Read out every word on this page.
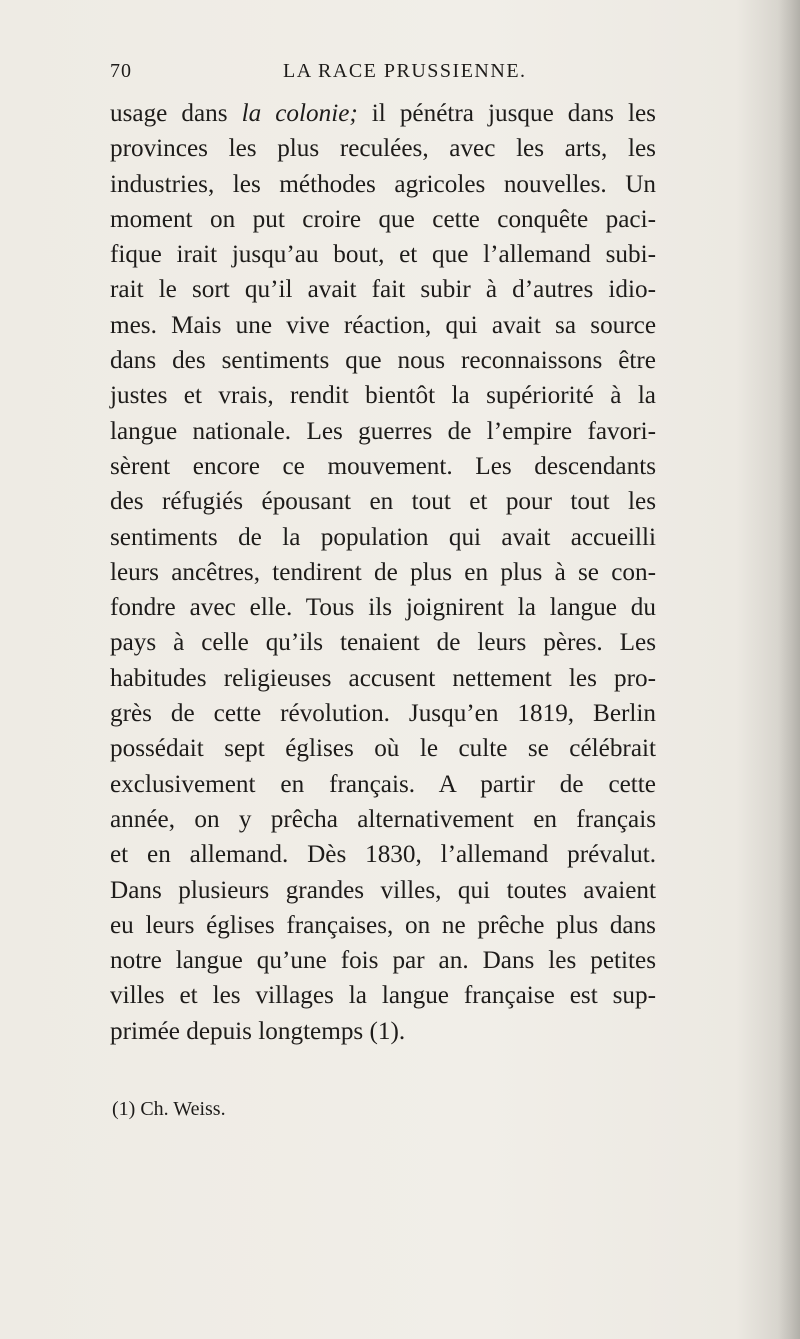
70	LA RACE PRUSSIENNE.
usage dans la colonie; il pénétra jusque dans les
provinces les plus reculées, avec les arts, les
industries, les méthodes agricoles nouvelles. Un
moment on put croire que cette conquête paci-
fique irait jusqu’au bout, et que l’allemand subi-
rait le sort qu’il avait fait subir à d’autres idio-
mes. Mais une vive réaction, qui avait sa source
dans des sentiments que nous reconnaissons être
justes et vrais, rendit bientôt la supériorité à la
langue nationale. Les guerres de l’empire favori-
sèrent encore ce mouvement. Les descendants
des réfugiés épousant en tout et pour tout les
sentiments de la population qui avait accueilli
leurs ancêtres, tendirent de plus en plus à se con-
fondre avec elle. Tous ils joignirent la langue du
pays à celle qu’ils tenaient de leurs pères. Les
habitudes religieuses accusent nettement les pro-
grès de cette révolution. Jusqu’en 1819, Berlin
possédait sept églises où le culte se célébrait
exclusivement en français. A partir de cette
année, on y prêcha alternativement en français
et en allemand. Dès 1830, l’allemand prévalut.
Dans plusieurs grandes villes, qui toutes avaient
eu leurs églises françaises, on ne prêche plus dans
notre langue qu’une fois par an. Dans les petites
villes et les villages la langue française est sup-
primée depuis longtemps (1).
(1) Ch. Weiss.
